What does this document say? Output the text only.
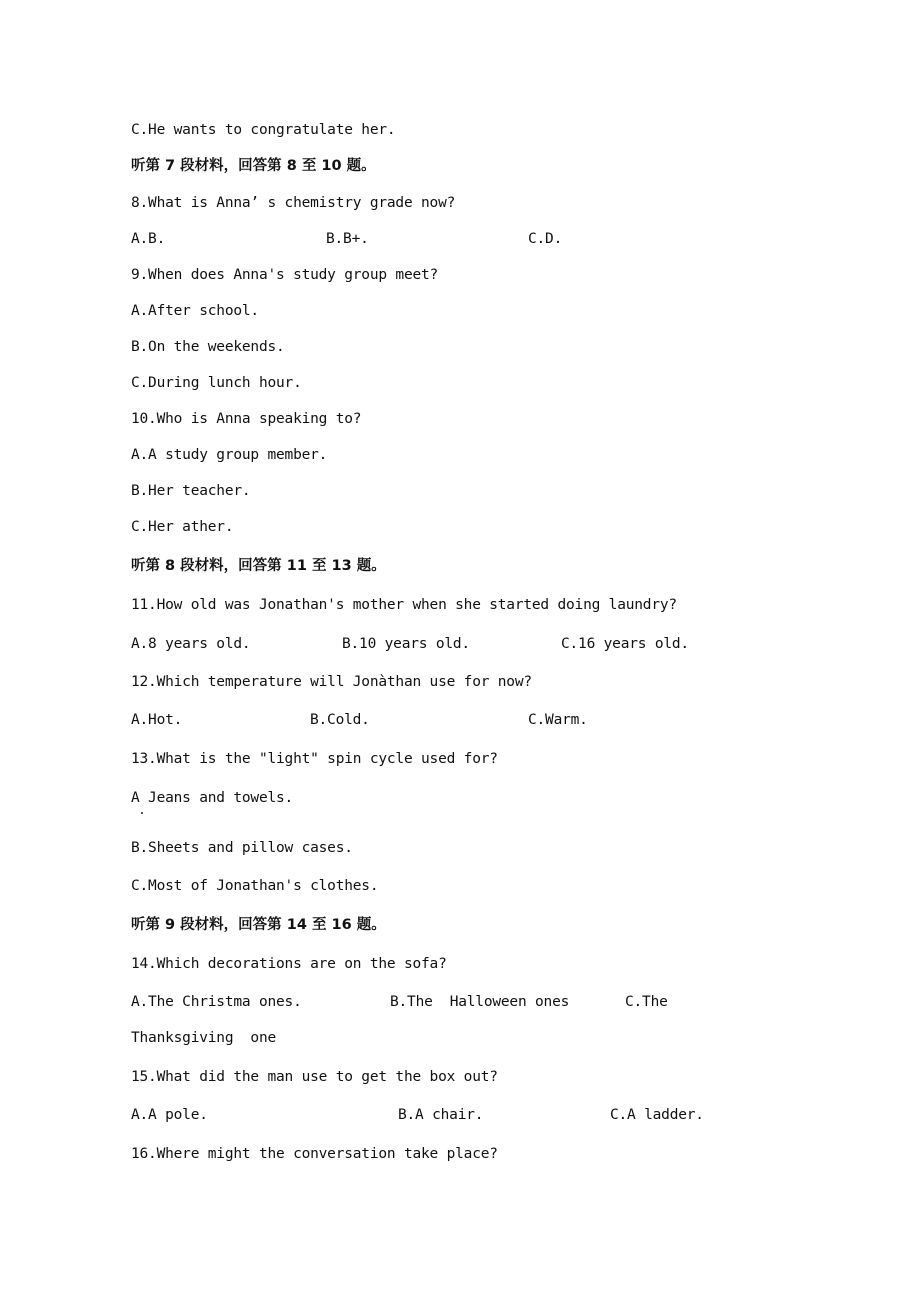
C.He wants to congratulate her.
听第 7 段材料，回答第 8 至 10 题。
8.What is Anna’ s chemistry grade now?
A.B.	B.B+.	C.D.
9.When does Anna's study group meet?
A.After school.
B.On the weekends.
C.During lunch hour.
10.Who is Anna speaking to?
A.A study group member.
B.Her teacher.
C.Her ather.
听第 8 段材料，回答第 11 至 13 题。
11.How old was Jonathan's mother when she started doing laundry?
A.8 years old.	B.10 years old.	C.16 years old.
12.Which temperature will Jonàthan use for now?
A.Hot.	B.Cold.	C.Warm.
13.What is the "light" spin cycle used for?
A Jeans and towels.
B.Sheets and pillow cases.
C.Most of Jonathan's clothes.
听第 9 段材料，回答第 14 至 16 题。
14.Which decorations are on the sofa?
A.The Christma ones.	B.The  Halloween ones	C.The
Thanksgiving  one
15.What did the man use to get the box out?
A.A pole.	B.A chair.	C.A ladder.
16.Where might the conversation take place?
